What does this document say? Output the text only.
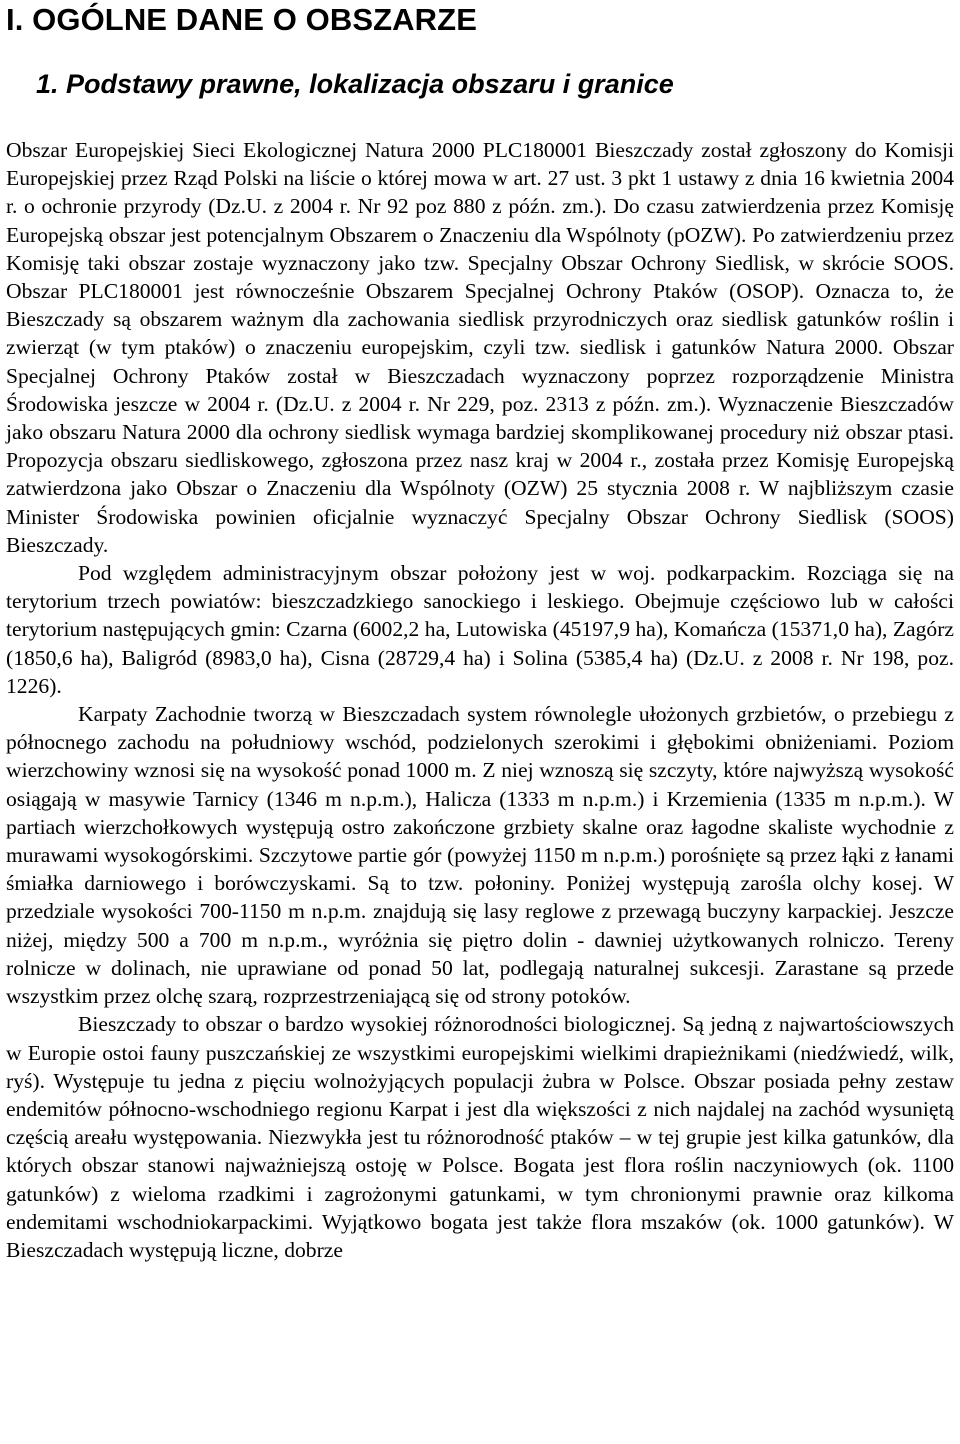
I. OGÓLNE DANE O OBSZARZE
1. Podstawy prawne, lokalizacja obszaru i granice

Obszar Europejskiej Sieci Ekologicznej Natura 2000 PLC180001 Bieszczady został zgłoszony do Komisji Europejskiej przez Rząd Polski na liście o której mowa w art. 27 ust. 3 pkt 1 ustawy z dnia 16 kwietnia 2004 r. o ochronie przyrody (Dz.U. z 2004 r. Nr 92 poz 880 z późn. zm.). Do czasu zatwierdzenia przez Komisję Europejską obszar jest potencjalnym Obszarem o Znaczeniu dla Wspólnoty (pOZW). Po zatwierdzeniu przez Komisję taki obszar zostaje wyznaczony jako tzw. Specjalny Obszar Ochrony Siedlisk, w skrócie SOOS. Obszar PLC180001 jest równocześnie Obszarem Specjalnej Ochrony Ptaków (OSOP). Oznacza to, że Bieszczady są obszarem ważnym dla zachowania siedlisk przyrodniczych oraz siedlisk gatunków roślin i zwierząt (w tym ptaków) o znaczeniu europejskim, czyli tzw. siedlisk i gatunków Natura 2000. Obszar Specjalnej Ochrony Ptaków został w Bieszczadach wyznaczony poprzez rozporządzenie Ministra Środowiska jeszcze w 2004 r. (Dz.U. z 2004 r. Nr 229, poz. 2313 z późn. zm.). Wyznaczenie Bieszczadów jako obszaru Natura 2000 dla ochrony siedlisk wymaga bardziej skomplikowanej procedury niż obszar ptasi. Propozycja obszaru siedliskowego, zgłoszona przez nasz kraj w 2004 r., została przez Komisję Europejską zatwierdzona jako Obszar o Znaczeniu dla Wspólnoty (OZW) 25 stycznia 2008 r. W najbliższym czasie Minister Środowiska powinien oficjalnie wyznaczyć Specjalny Obszar Ochrony Siedlisk (SOOS) Bieszczady.

Pod względem administracyjnym obszar położony jest w woj. podkarpackim. Rozciąga się na terytorium trzech powiatów: bieszczadzkiego sanockiego i leskiego. Obejmuje częściowo lub w całości terytorium następujących gmin: Czarna (6002,2 ha, Lutowiska (45197,9 ha), Komańcza (15371,0 ha), Zagórz (1850,6 ha), Baligród (8983,0 ha), Cisna (28729,4 ha) i Solina (5385,4 ha) (Dz.U. z 2008 r. Nr 198, poz. 1226).

Karpaty Zachodnie tworzą w Bieszczadach system równolegle ułożonych grzbietów, o przebiegu z północnego zachodu na południowy wschód, podzielonych szerokimi i głębokimi obniżeniami. Poziom wierzchowiny wznosi się na wysokość ponad 1000 m. Z niej wznoszą się szczyty, które najwyższą wysokość osiągają w masywie Tarnicy (1346 m n.p.m.), Halicza (1333 m n.p.m.) i Krzemienia (1335 m n.p.m.). W partiach wierzchołkowych występują ostro zakończone grzbiety skalne oraz łagodne skaliste wychodnie z murawami wysokogórskimi. Szczytowe partie gór (powyżej 1150 m n.p.m.) porośnięte są przez łąki z łanami śmiałka darniowego i borówczyskami. Są to tzw. połoniny. Poniżej występują zarośla olchy kosej. W przedziale wysokości 700-1150 m n.p.m. znajdują się lasy reglowe z przewagą buczyny karpackiej. Jeszcze niżej, między 500 a 700 m n.p.m., wyróżnia się piętro dolin - dawniej użytkowanych rolniczo. Tereny rolnicze w dolinach, nie uprawiane od ponad 50 lat, podlegają naturalnej sukcesji. Zarastane są przede wszystkim przez olchę szarą, rozprzestrzeniającą się od strony potoków.

Bieszczady to obszar o bardzo wysokiej różnorodności biologicznej. Są jedną z najwartościowszych w Europie ostoi fauny puszczańskiej ze wszystkimi europejskimi wielkimi drapieżnikami (niedźwiedź, wilk, ryś). Występuje tu jedna z pięciu wolnożyjących populacji żubra w Polsce. Obszar posiada pełny zestaw endemitów północno-wschodniego regionu Karpat i jest dla większości z nich najdalej na zachód wysuniętą częścią areału występowania. Niezwykła jest tu różnorodność ptaków – w tej grupie jest kilka gatunków, dla których obszar stanowi najważniejszą ostoję w Polsce. Bogata jest flora roślin naczyniowych (ok. 1100 gatunków) z wieloma rzadkimi i zagrożonymi gatunkami, w tym chronionymi prawnie oraz kilkoma endemitami wschodniokarpackimi. Wyjątkowo bogata jest także flora mszaków (ok. 1000 gatunków). W Bieszczadach występują liczne, dobrze
